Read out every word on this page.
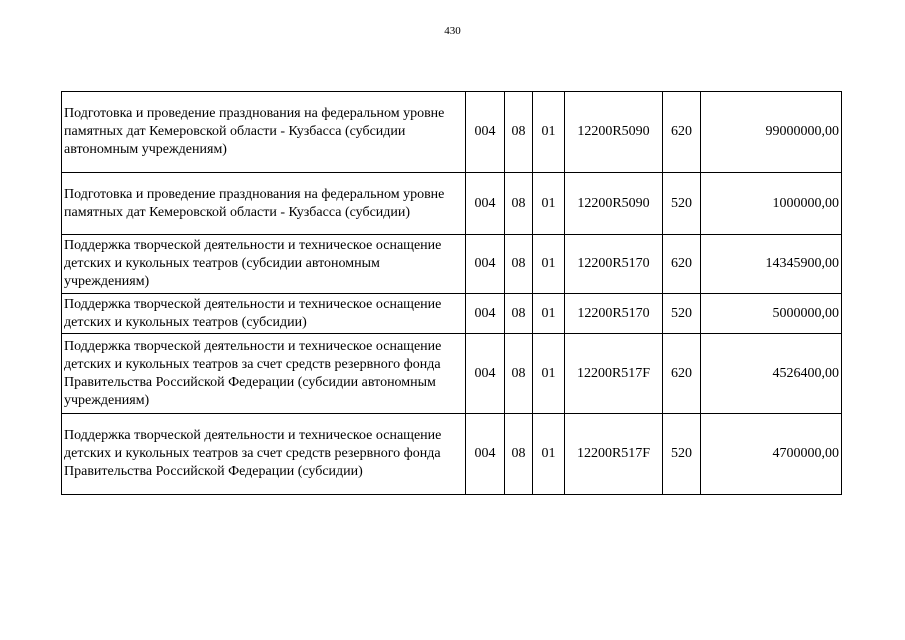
430
Подготовка и проведение празднования на федеральном уровне памятных дат Кемеровской области - Кузбасса (субсидии автономным учреждениям)	004	08	01	12200R5090	620	99000000,00
Подготовка и проведение празднования на федеральном уровне памятных дат Кемеровской области - Кузбасса (субсидии)	004	08	01	12200R5090	520	1000000,00
Поддержка творческой деятельности и техническое оснащение детских и кукольных театров (субсидии автономным учреждениям)	004	08	01	12200R5170	620	14345900,00
Поддержка творческой деятельности и техническое оснащение детских и кукольных театров (субсидии)	004	08	01	12200R5170	520	5000000,00
Поддержка творческой деятельности и техническое оснащение детских и кукольных театров за счет средств резервного фонда Правительства Российской Федерации (субсидии автономным учреждениям)	004	08	01	12200R517F	620	4526400,00
Поддержка творческой деятельности и техническое оснащение детских и кукольных театров за счет средств резервного фонда Правительства Российской Федерации (субсидии)	004	08	01	12200R517F	520	4700000,00
